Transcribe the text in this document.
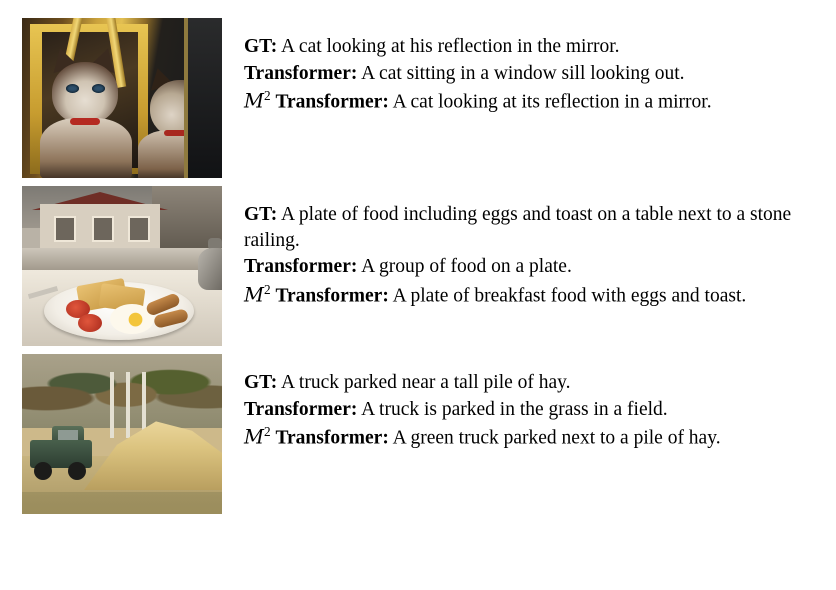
GT: A cat looking at his reflection in the mirror.

Transformer: A cat sitting in a window sill looking out.

$M^2$ Transformer: A cat looking at its reflection in a mirror.

GT: A plate of food including eggs and toast on a table next to a stone railing.

Transformer: A group of food on a plate.

$M^2$ Transformer: A plate of breakfast food with eggs and toast.

GT: A truck parked near a tall pile of hay.

Transformer: A truck is parked in the grass in a field.

$M^2$ Transformer: A green truck parked next to a pile of hay.
